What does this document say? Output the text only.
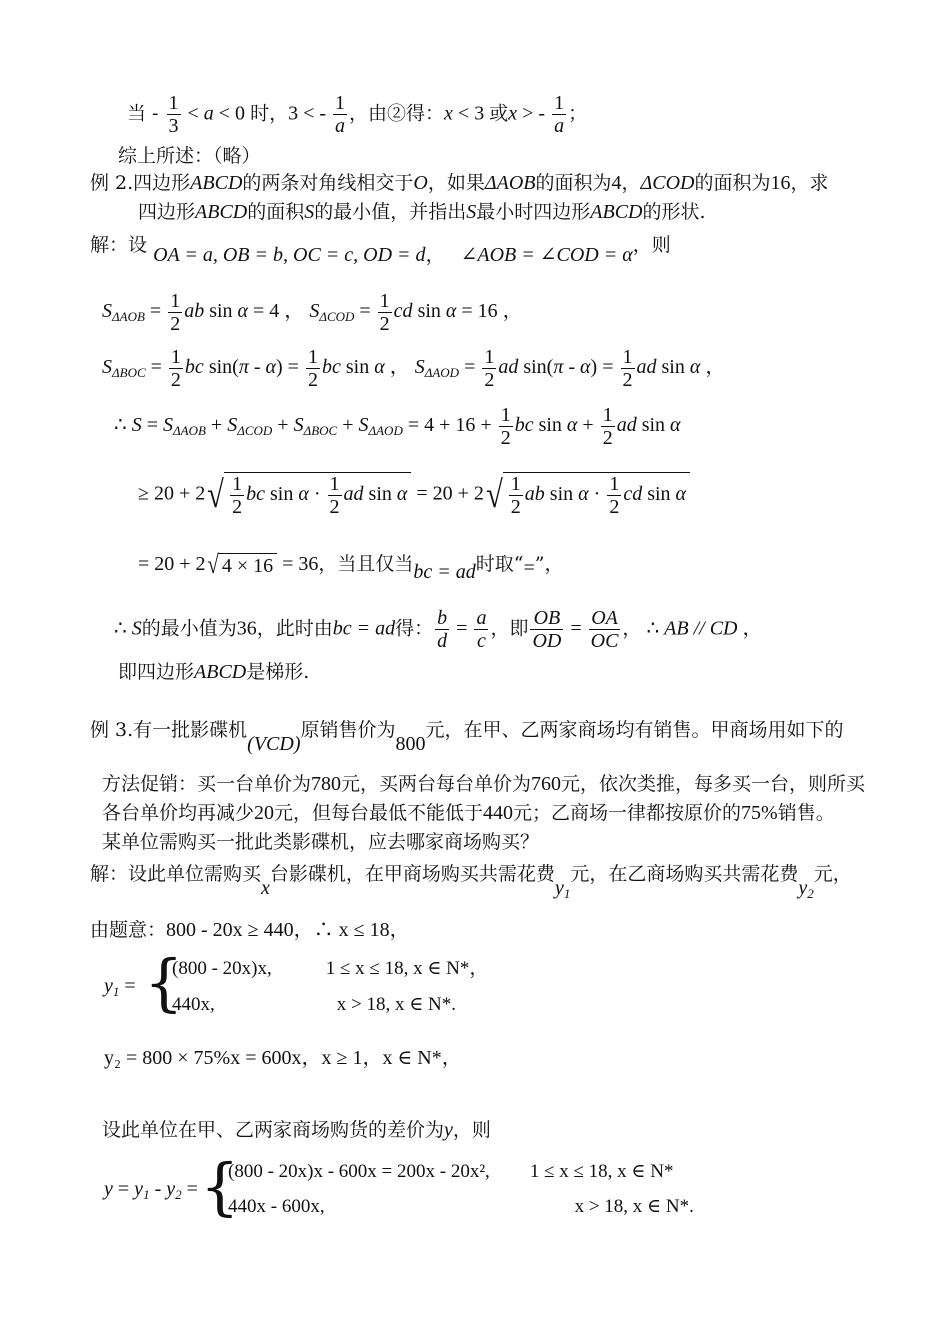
当 - $\frac{1}{3} < a < 0$ 时，3 < - $\frac{1}{a}$ ，由②得：x < 3 或x > - $\frac{1}{a}$ ；
综上所述：（略）
例 2.四边形ABCD的两条对角线相交于O，如果ΔAOB的面积为4，ΔCOD的面积为16，求
四边形ABCD的面积S的最小值，并指出S最小时四边形ABCD的形状.
解：设 OA = a, OB = b, OC = c, OD = d， ∠AOB = ∠COD = α，则
$S_{\Delta AOB} = \frac{1}{2}$ ab sin α = 4 ， $S_{\Delta COD} = \frac{1}{2}$ cd sin α = 16 ，
$S_{\Delta BOC} = \frac{1}{2}$ bc $\sin(\pi - \alpha) = \frac{1}{2}$ bc sin α ， $S_{\Delta AOD} = \frac{1}{2}$ ad $\sin(\pi - \alpha) = \frac{1}{2}$ ad sin α ，
∴ $S = S_{\Delta AOB} + S_{\Delta COD} + S_{\Delta BOC} + S_{\Delta AOD} = 4 + 16 + \frac{1}{2}$ bc $\sin \alpha + \frac{1}{2}$ ad sin α
≥ $20 + 2√ \frac{1}{2}$ bc $\sin \alpha \cdot \frac{1}{2}$ ad $\sin \alpha = 20 + 2√ \frac{1}{2}$ ab $\sin \alpha \cdot \frac{1}{2}$ cd sin α
= 20 + 2√ 4 × 16 = 36，当且仅当bc = ad时取“=”，
∴ S的最小值为36，此时由bc = ad得： $\frac{b}{d} = \frac{a}{c}$ ，即 $\frac{OB}{OD} = \frac{OA}{OC}$ ， ∴ AB // CD ，
即四边形ABCD是梯形.
例 3.有一批影碟机(VCD)原销售价为800元，在甲、乙两家商场均有销售。甲商场用如下的
方法促销：买一台单价为780元，买两台每台单价为760元，依次类推，每多买一台，则所买
各台单价均再减少20元，但每台最低不能低于440元；乙商场一律都按原价的75%销售。
某单位需购买一批此类影碟机，应去哪家商场购买？
解：设此单位需购买x台影碟机，在甲商场购买共需花费$y_1$元，在乙商场购买共需花费$y_2$元，
由题意：800 - 20x ≥ 440，∴ x ≤ 18，
$y_1$ = {
(800 - 20x)x,	1 ≤ x ≤ 18, x ∈ N*，
440x,	x > 18, x ∈ N*.
y₂ = 800 × 75%x = 600x，x ≥ 1，x ∈ N*，
设此单位在甲、乙两家商场购货的差价为y，则
$y = y_1 - y_2$ = {
(800 - 20x)x - 600x = 200x - 20x², 1 ≤ x ≤ 18, x ∈ N*
440x - 600x,	x > 18, x ∈ N*.
